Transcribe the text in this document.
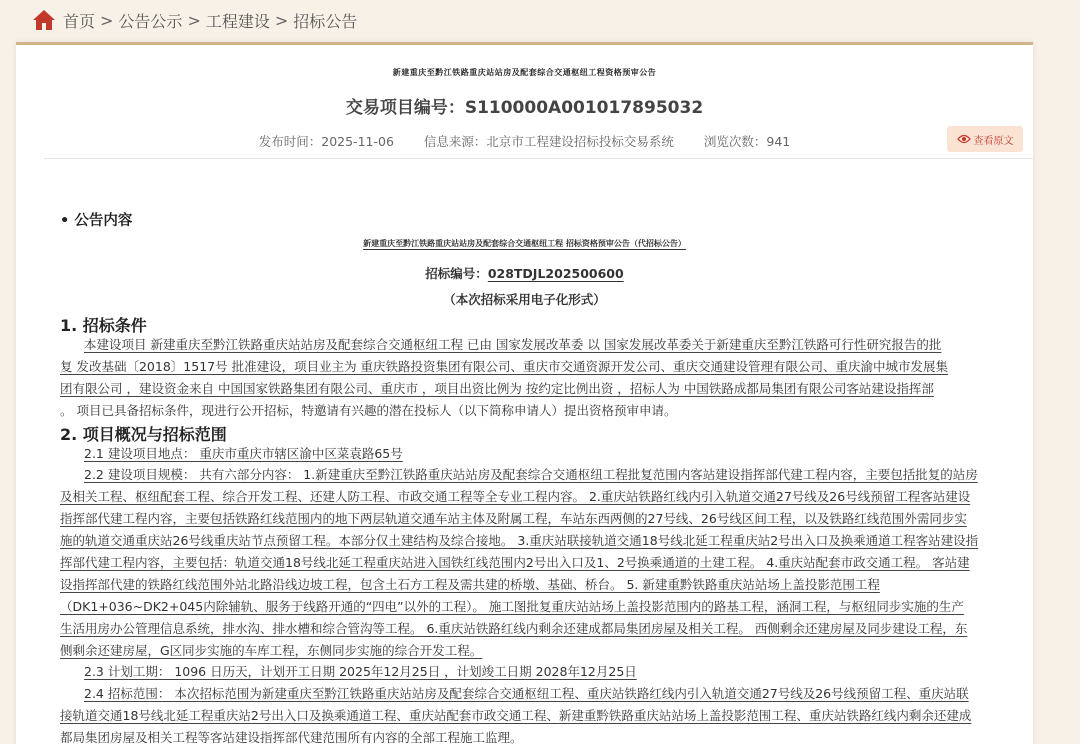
首页 > 公告公示 > 工程建设 > 招标公告
新建重庆至黔江铁路重庆站站房及配套综合交通枢纽工程资格预审公告
交易项目编号：S110000A001017895032
发布时间：2025-11-06 信息来源：北京市工程建设招标投标交易系统 浏览次数：941	查看原文
• 公告内容
新建重庆至黔江铁路重庆站站房及配套综合交通枢纽工程 招标资格预审公告（代招标公告）
招标编号：028TDJL202500600
（本次招标采用电子化形式）
1. 招标条件
本建设项目 新建重庆至黔江铁路重庆站站房及配套综合交通枢纽工程 已由 国家发展改革委 以 国家发展改革委关于新建重庆至黔江铁路可行性研究报告的批
复 发改基础〔2018〕1517号 批准建设，项目业主为 重庆铁路投资集团有限公司、重庆市交通资源开发公司、重庆交通建设管理有限公司、重庆渝中城市发展集
团有限公司 ，建设资金来自 中国国家铁路集团有限公司、重庆市 ，项目出资比例为 按约定比例出资 ，招标人为 中国铁路成都局集团有限公司客站建设指挥部
。 项目已具备招标条件，现进行公开招标，特邀请有兴趣的潜在投标人（以下简称申请人）提出资格预审申请。
2. 项目概况与招标范围
2.1 建设项目地点： 重庆市重庆市辖区渝中区菜袁路65号
2.2 建设项目规模： 共有六部分内容： 1.新建重庆至黔江铁路重庆站站房及配套综合交通枢纽工程批复范围内客站建设指挥部代建工程内容，主要包括批复的站房
及相关工程、枢纽配套工程、综合开发工程、还建人防工程、市政交通工程等全专业工程内容。 2.重庆站铁路红线内引入轨道交通27号线及26号线预留工程客站建设
指挥部代建工程内容，主要包括铁路红线范围内的地下两层轨道交通车站主体及附属工程，车站东西两侧的27号线、26号线区间工程，以及铁路红线范围外需同步实
施的轨道交通重庆站26号线重庆站节点预留工程。本部分仅土建结构及综合接地。 3.重庆站联接轨道交通18号线北延工程重庆站2号出入口及换乘通道工程客站建设指
挥部代建工程内容，主要包括：轨道交通18号线北延工程重庆站进入国铁红线范围内2号出入口及1、2号换乘通道的土建工程。 4.重庆站配套市政交通工程。 客站建
设指挥部代建的铁路红线范围外站北路沿线边坡工程，包含土石方工程及需共建的桥墩、基础、桥台。 5. 新建重黔铁路重庆站站场上盖投影范围工程
（DK1+036~DK2+045内除辅轨、服务于线路开通的“四电”以外的工程）。 施工图批复重庆站站场上盖投影范围内的路基工程，涵洞工程，与枢纽同步实施的生产
生活用房办公管理信息系统，排水沟、排水槽和综合管沟等工程。 6.重庆站铁路红线内剩余还建成都局集团房屋及相关工程。 西侧剩余还建房屋及同步建设工程，东
侧剩余还建房屋，G区同步实施的车库工程，东侧同步实施的综合开发工程。
2.3 计划工期： 1096 日历天，计划开工日期 2025年12月25日 ，计划竣工日期 2028年12月25日
2.4 招标范围： 本次招标范围为新建重庆至黔江铁路重庆站站房及配套综合交通枢纽工程、重庆站铁路红线内引入轨道交通27号线及26号线预留工程、重庆站联
接轨道交通18号线北延工程重庆站2号出入口及换乘通道工程、重庆站配套市政交通工程、新建重黔铁路重庆站站场上盖投影范围工程、重庆站铁路红线内剩余还建成
都局集团房屋及相关工程等客站建设指挥部代建范围所有内容的全部工程施工监理。
